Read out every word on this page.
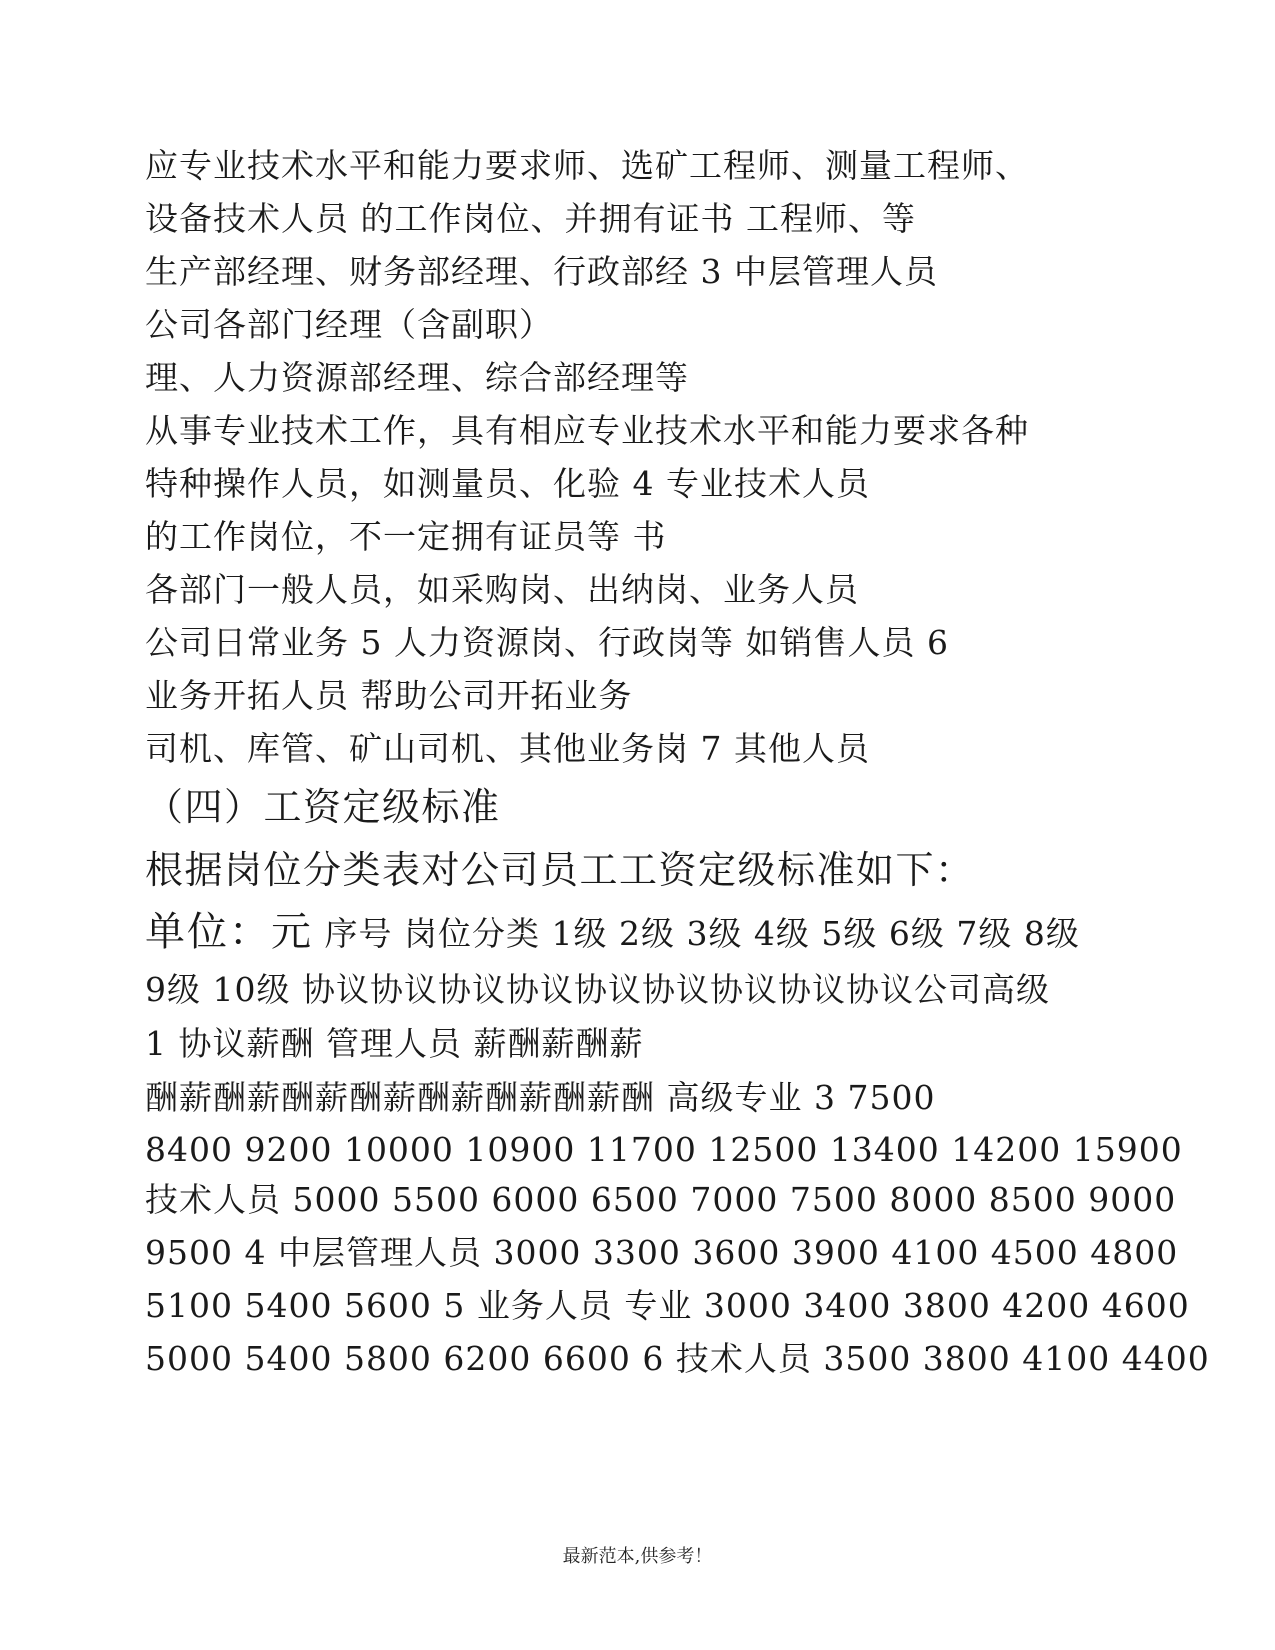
应专业技术水平和能力要求师、选矿工程师、测量工程师、
设备技术人员 的工作岗位、并拥有证书 工程师、等
生产部经理、财务部经理、行政部经 3 中层管理人员
公司各部门经理（含副职）
理、人力资源部经理、综合部经理等
从事专业技术工作，具有相应专业技术水平和能力要求各种
特种操作人员，如测量员、化验 4 专业技术人员
的工作岗位，不一定拥有证员等 书
各部门一般人员，如采购岗、出纳岗、业务人员
公司日常业务 5 人力资源岗、行政岗等 如销售人员 6
业务开拓人员 帮助公司开拓业务
司机、库管、矿山司机、其他业务岗 7 其他人员
（四）工资定级标准
根据岗位分类表对公司员工工资定级标准如下：
单位：元 序号 岗位分类 1级 2级 3级 4级 5级 6级 7级 8级
9级 10级 协议协议协议协议协议协议协议协议协议公司高级
1 协议薪酬 管理人员 薪酬薪酬薪
酬薪酬薪酬薪酬薪酬薪酬薪酬薪酬 高级专业 3 7500
8400 9200 10000 10900 11700 12500 13400 14200 15900
技术人员 5000 5500 6000 6500 7000 7500 8000 8500 9000
9500 4 中层管理人员 3000 3300 3600 3900 4100 4500 4800
5100 5400 5600 5 业务人员 专业 3000 3400 3800 4200 4600
5000 5400 5800 6200 6600 6 技术人员 3500 3800 4100 4400
最新范本,供参考！
